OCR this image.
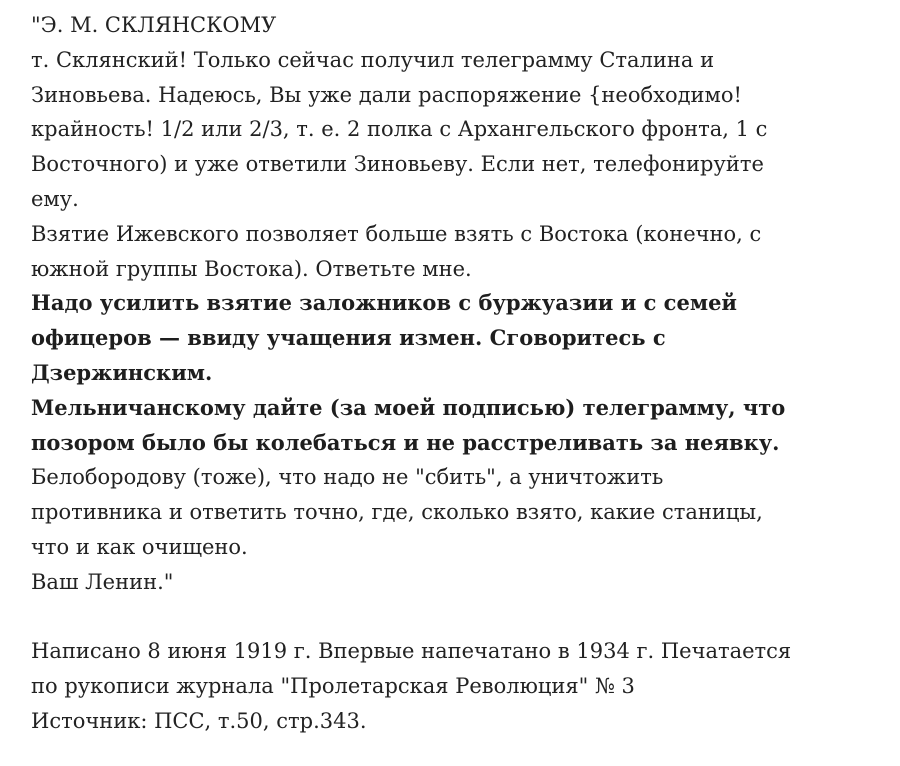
"Э. М. СКЛЯНСКОМУ
т. Склянский! Только сейчас получил телеграмму Сталина и
Зиновьева. Надеюсь, Вы уже дали распоряжение {необходимо!
крайность! 1/2 или 2/3, т. е. 2 полка с Архангельского фронта, 1 с
Восточного) и уже ответили Зиновьеву. Если нет, телефонируйте
ему.
Взятие Ижевского позволяет больше взять с Востока (конечно, с
южной группы Востока). Ответьте мне.
Надо усилить взятие заложников с буржуазии и с семей
офицеров — ввиду учащения измен. Сговоритесь с
Дзержинским.
Мельничанскому дайте (за моей подписью) телеграмму, что
позором было бы колебаться и не расстреливать за неявку.
Белобородову (тоже), что надо не "сбить", а уничтожить
противника и ответить точно, где, сколько взято, какие станицы,
что и как очищено.
Ваш Ленин."
Написано 8 июня 1919 г. Впервые напечатано в 1934 г. Печатается
по рукописи журнала "Пролетарская Революция" № 3
Источник: ПСС, т.50, стр.343.
